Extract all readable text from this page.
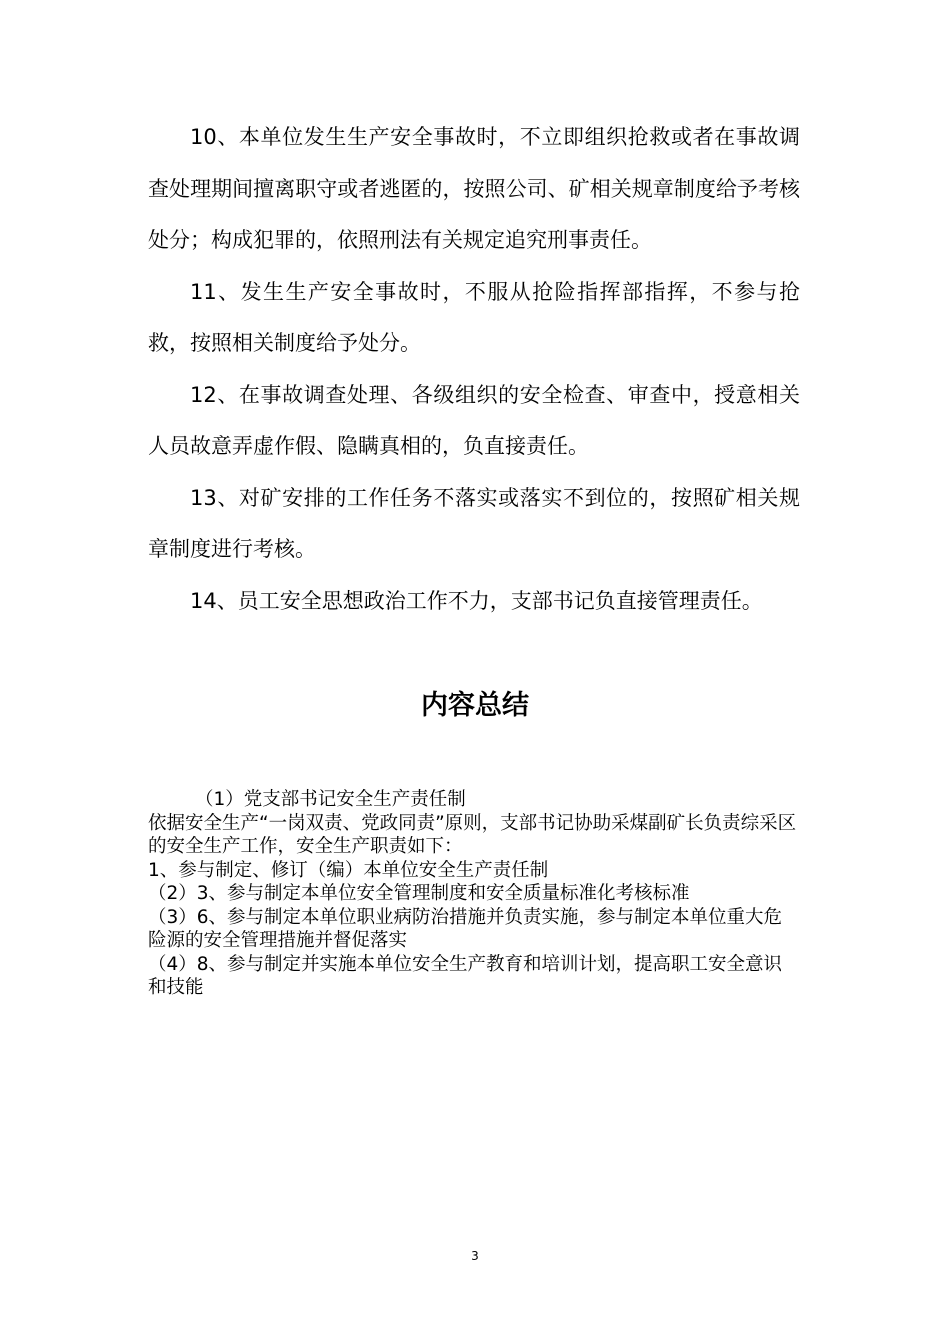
10、本单位发生生产安全事故时，不立即组织抢救或者在事故调查处理期间擅离职守或者逃匿的，按照公司、矿相关规章制度给予考核处分；构成犯罪的，依照刑法有关规定追究刑事责任。

11、发生生产安全事故时，不服从抢险指挥部指挥，不参与抢救，按照相关制度给予处分。

12、在事故调查处理、各级组织的安全检查、审查中，授意相关人员故意弄虚作假、隐瞒真相的，负直接责任。

13、对矿安排的工作任务不落实或落实不到位的，按照矿相关规章制度进行考核。

14、员工安全思想政治工作不力，支部书记负直接管理责任。

内容总结

（1）党支部书记安全生产责任制

依据安全生产“一岗双责、党政同责”原则，支部书记协助采煤副矿长负责综采区的安全生产工作，安全生产职责如下：

1、参与制定、修订（编）本单位安全生产责任制

（2）3、参与制定本单位安全管理制度和安全质量标准化考核标准

（3）6、参与制定本单位职业病防治措施并负责实施，参与制定本单位重大危险源的安全管理措施并督促落实

（4）8、参与制定并实施本单位安全生产教育和培训计划，提高职工安全意识和技能

3
